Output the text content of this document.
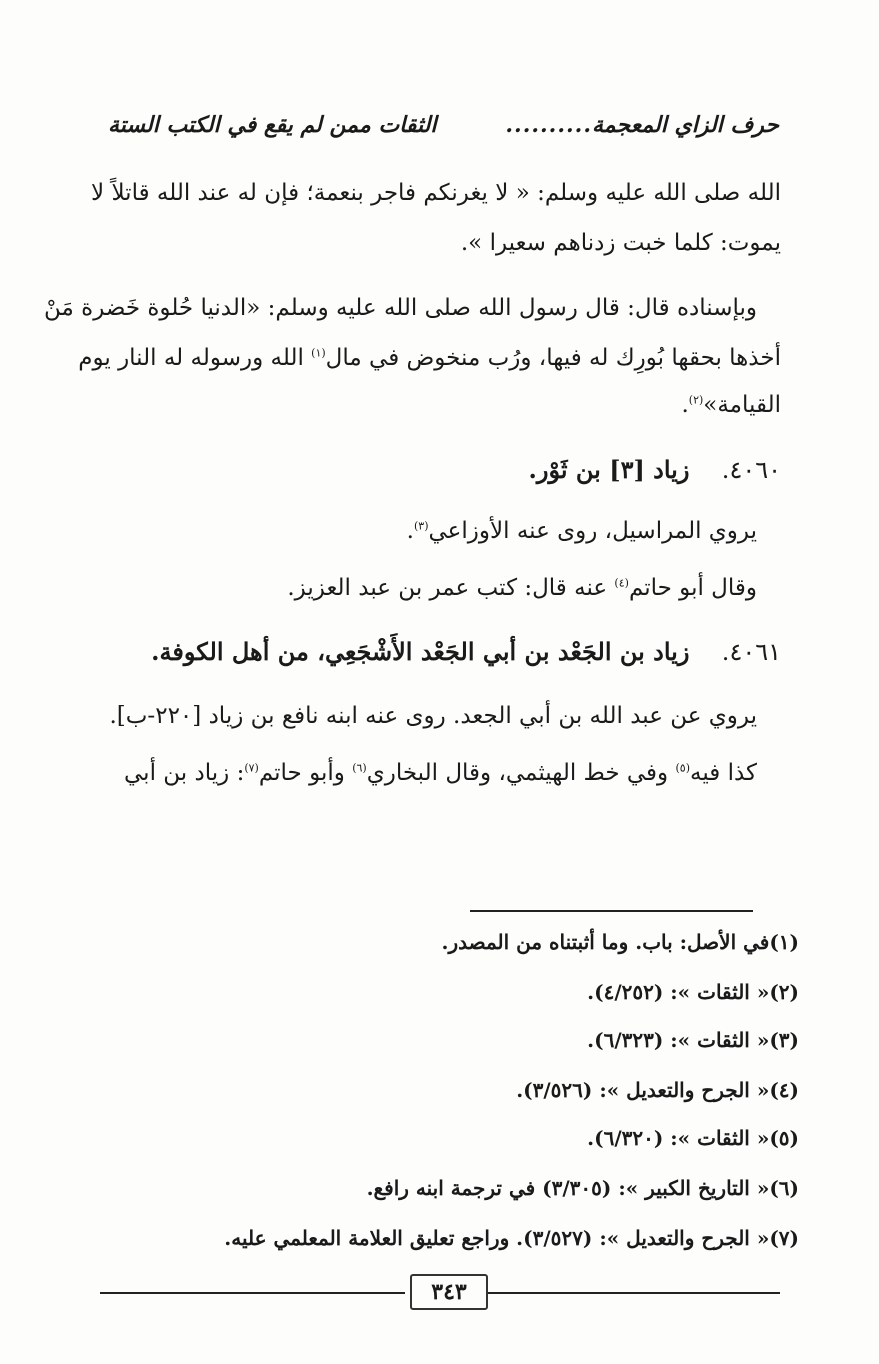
حرف الزاي المعجمة
..........
الثقات ممن لم يقع في الكتب الستة
الله صلى الله عليه وسلم: « لا يغرنكم فاجر بنعمة؛ فإن له عند الله قاتلاً لا
يموت: كلما خبت زدناهم سعيرا ».
وبإسناده قال: قال رسول الله صلى الله عليه وسلم: «الدنيا حُلوة خَضرة مَنْ
أخذها بحقها بُورِك له فيها، ورُب منخوض في مال$^{(١)}$ الله ورسوله له النار يوم
القيامة»$^{(٢)}$.
٤٠٦٠. زياد [٣] بن ثَوْر.
يروي المراسيل، روى عنه الأوزاعي$^{(٣)}$.
وقال أبو حاتم$^{(٤)}$ عنه قال: كتب عمر بن عبد العزيز.
٤٠٦١. زياد بن الجَعْد بن أبي الجَعْد الأَشْجَعِي، من أهل الكوفة.
يروي عن عبد الله بن أبي الجعد. روى عنه ابنه نافع بن زياد [٢٢٠-ب].
كذا فيه$^{(٥)}$ وفي خط الهيثمي، وقال البخاري$^{(٦)}$ وأبو حاتم$^{(٧)}$: زياد بن أبي
(١)في الأصل: باب. وما أثبتناه من المصدر.
(٢)« الثقات »: (٤/٢٥٢).
(٣)« الثقات »: (٦/٣٢٣).
(٤)« الجرح والتعديل »: (٣/٥٢٦).
(٥)« الثقات »: (٦/٣٢٠).
(٦)« التاريخ الكبير »: (٣/٣٠٥) في ترجمة ابنه رافع.
(٧)« الجرح والتعديل »: (٣/٥٢٧). وراجع تعليق العلامة المعلمي عليه.
٣٤٣
